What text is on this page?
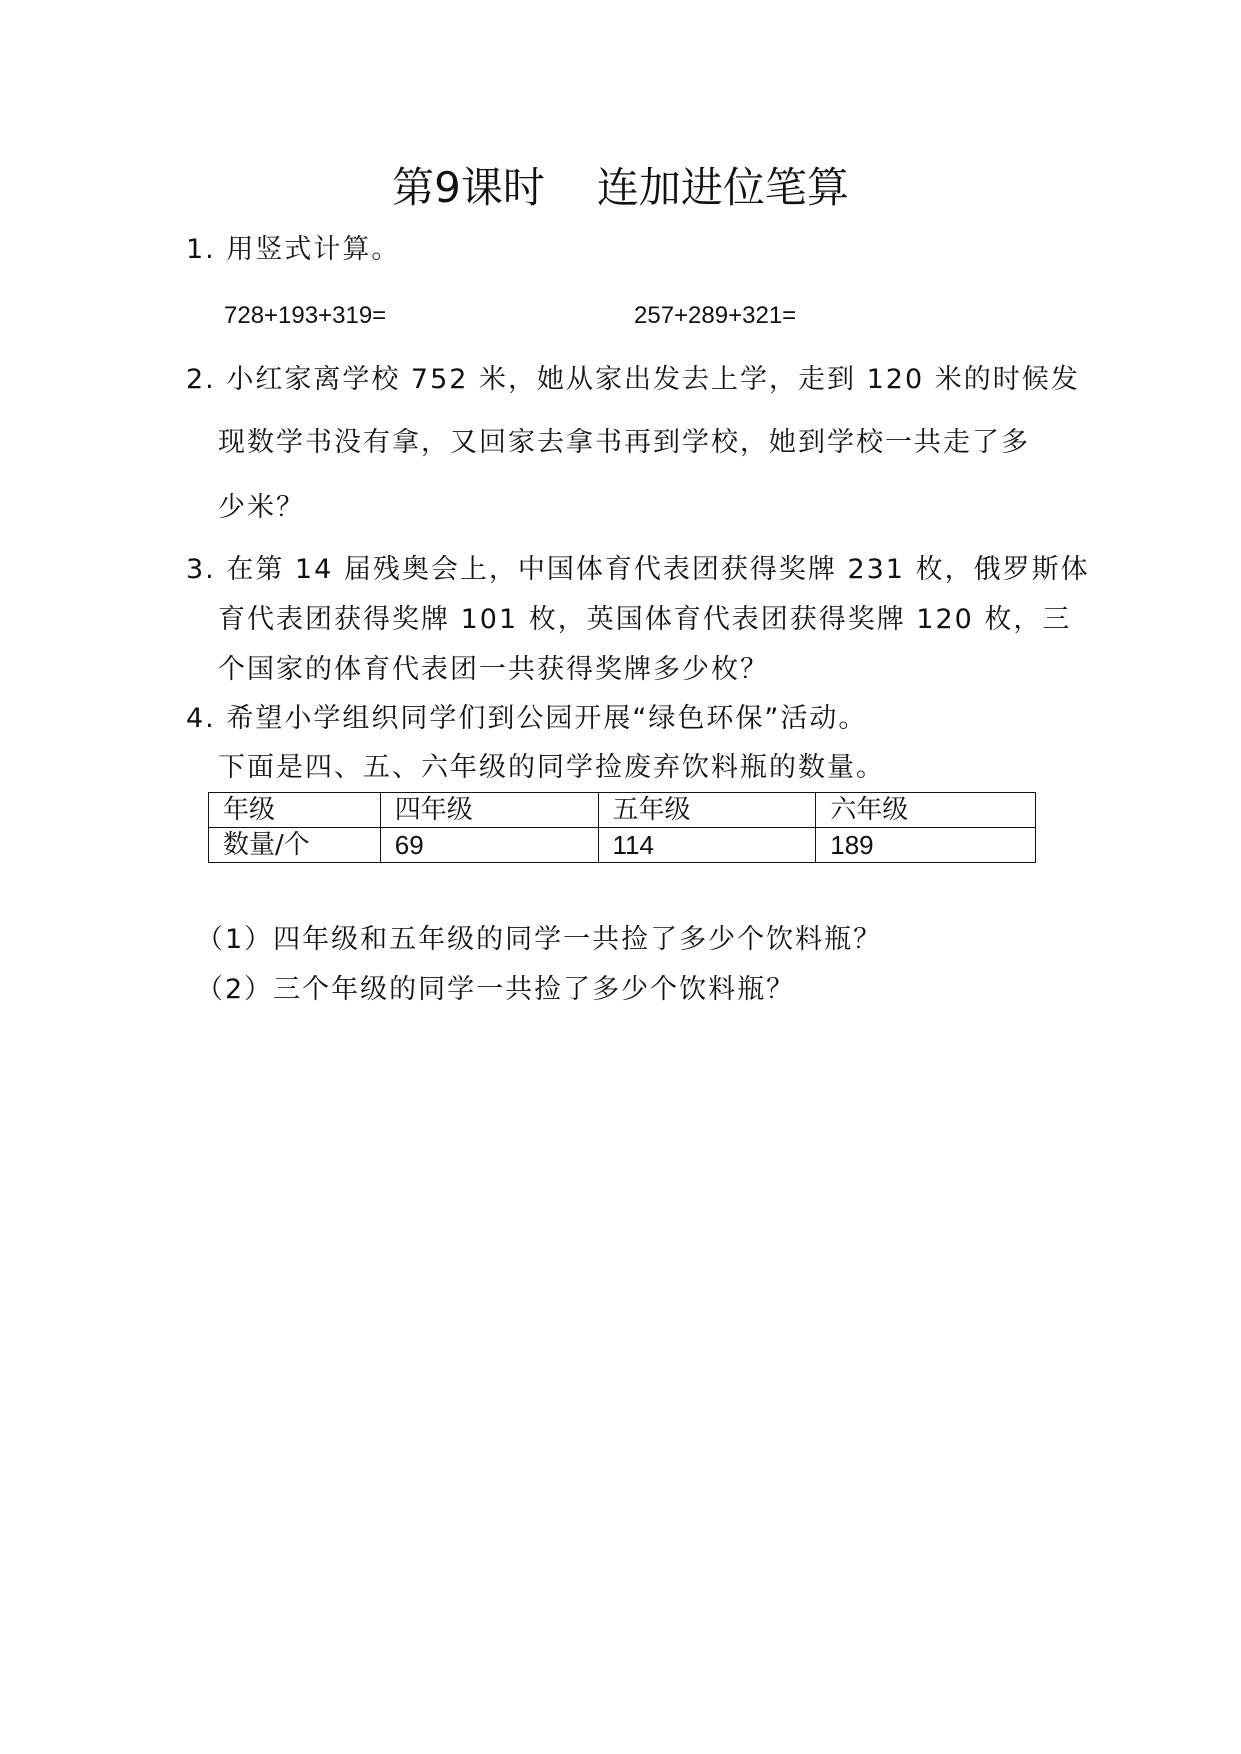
第9课时 连加进位笔算
1. 用竖式计算。
728+193+319=	257+289+321=
2. 小红家离学校 752 米，她从家出发去上学，走到 120 米的时候发
现数学书没有拿，又回家去拿书再到学校，她到学校一共走了多
少米？
3. 在第 14 届残奥会上，中国体育代表团获得奖牌 231 枚，俄罗斯体
育代表团获得奖牌 101 枚，英国体育代表团获得奖牌 120 枚，三
个国家的体育代表团一共获得奖牌多少枚？
4. 希望小学组织同学们到公园开展“绿色环保”活动。
下面是四、五、六年级的同学捡废弃饮料瓶的数量。
年级	四年级	五年级	六年级
数量/个	69	114	189
（1）四年级和五年级的同学一共捡了多少个饮料瓶？
（2）三个年级的同学一共捡了多少个饮料瓶？
